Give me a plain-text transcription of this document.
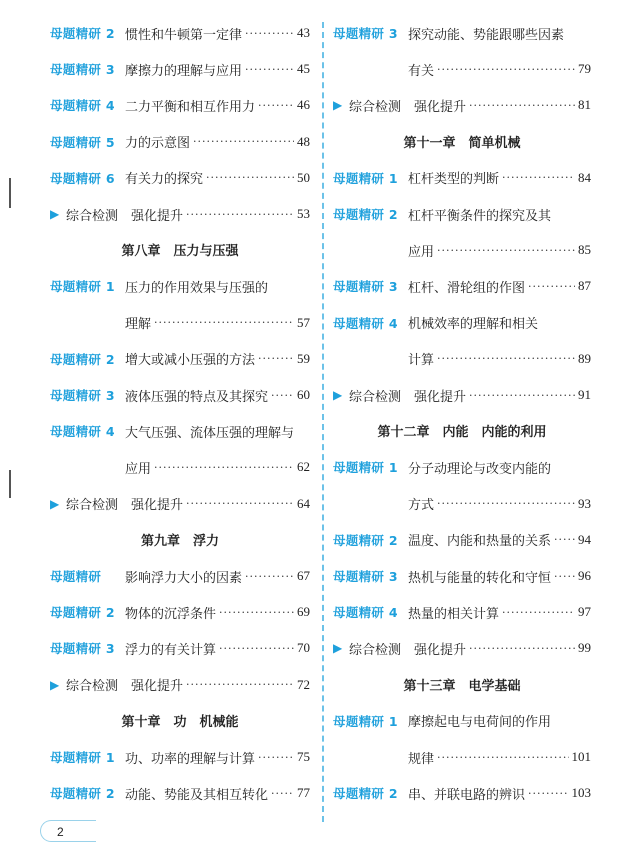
母题精研 2 惯性和牛顿第一定律 ·····	43
母题精研 3 摩擦力的理解与应用 ·····	45
母题精研 4 二力平衡和相互作用力 ·····	46
母题精研 5 力的示意图 ·····	48
母题精研 6 有关力的探究 ·····	50
▶ 综合检测　强化提升 ·····	53
第八章　压力与压强
母题精研 1 压力的作用效果与压强的
理解 ·····	57
母题精研 2 增大或减小压强的方法 ·····	59
母题精研 3 液体压强的特点及其探究 ····· 60
母题精研 4 大气压强、流体压强的理解与
应用 ·····	62
▶ 综合检测　强化提升 ·····	64
第九章　浮力
母题精研	影响浮力大小的因素 ·····	67
母题精研 2 物体的沉浮条件 ·····	69
母题精研 3 浮力的有关计算 ·····	70
▶ 综合检测　强化提升 ·····	72
第十章　功　机械能
母题精研 1 功、功率的理解与计算 ·····	75
母题精研 2 动能、势能及其相互转化 ····· 77
母题精研 3 探究动能、势能跟哪些因素
有关 ·····	79
▶ 综合检测　强化提升 ·····	81
第十一章　简单机械
母题精研 1 杠杆类型的判断 ·····	84
母题精研 2 杠杆平衡条件的探究及其
应用 ·····	85
母题精研 3 杠杆、滑轮组的作图 ·····	87
母题精研 4 机械效率的理解和相关
计算 ·····	89
▶ 综合检测　强化提升 ·····	91
第十二章　内能　内能的利用
母题精研 1 分子动理论与改变内能的
方式 ·····	93
母题精研 2 温度、内能和热量的关系 ····· 94
母题精研 3 热机与能量的转化和守恒 ····· 96
母题精研 4 热量的相关计算 ·····	97
▶ 综合检测　强化提升 ·····	99
第十三章　电学基础
母题精研 1 摩擦起电与电荷间的作用
规律 ·····	101
母题精研 2 串、并联电路的辨识 ·····	103
2
